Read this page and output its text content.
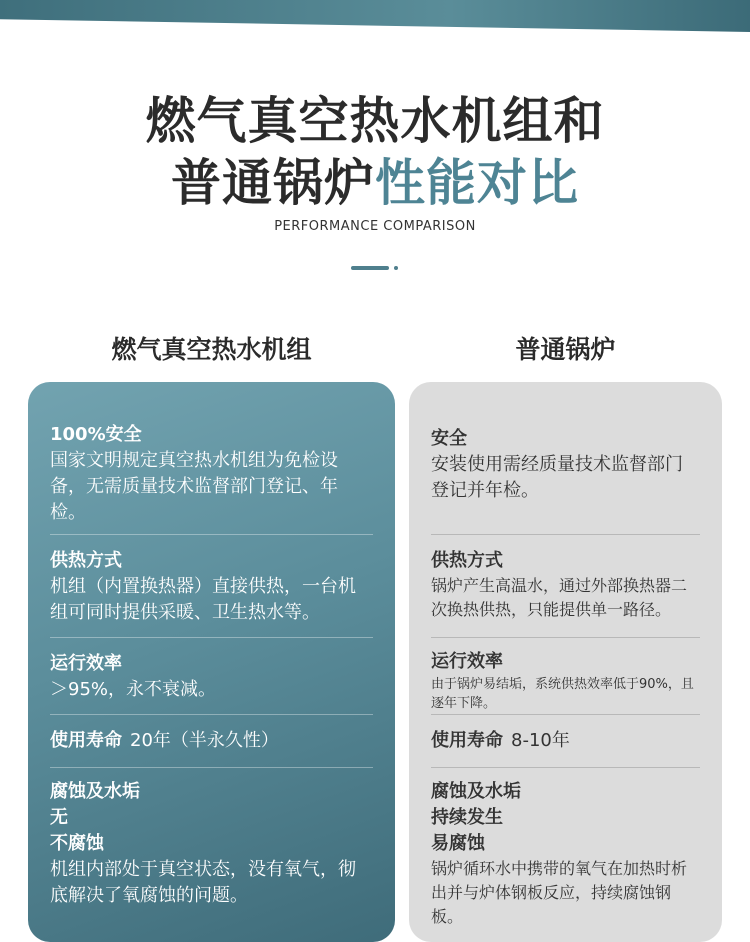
燃气真空热水机组和
普通锅炉性能对比
PERFORMANCE COMPARISON
燃气真空热水机组	普通锅炉
100%安全
国家文明规定真空热水机组为免检设备，无需质量技术监督部门登记、年检。
供热方式
机组（内置换热器）直接供热，一台机组可同时提供采暖、卫生热水等。
运行效率
＞95%，永不衰减。
使用寿命 20年（半永久性）
腐蚀及水垢
无
不腐蚀
机组内部处于真空状态，没有氧气，彻底解决了氧腐蚀的问题。
安全
安装使用需经质量技术监督部门登记并年检。
供热方式
锅炉产生高温水，通过外部换热器二次换热供热，只能提供单一路径。
运行效率
由于锅炉易结垢，系统供热效率低于90%，且逐年下降。
使用寿命 8-10年
腐蚀及水垢
持续发生
易腐蚀
锅炉循环水中携带的氧气在加热时析出并与炉体钢板反应，持续腐蚀钢板。
